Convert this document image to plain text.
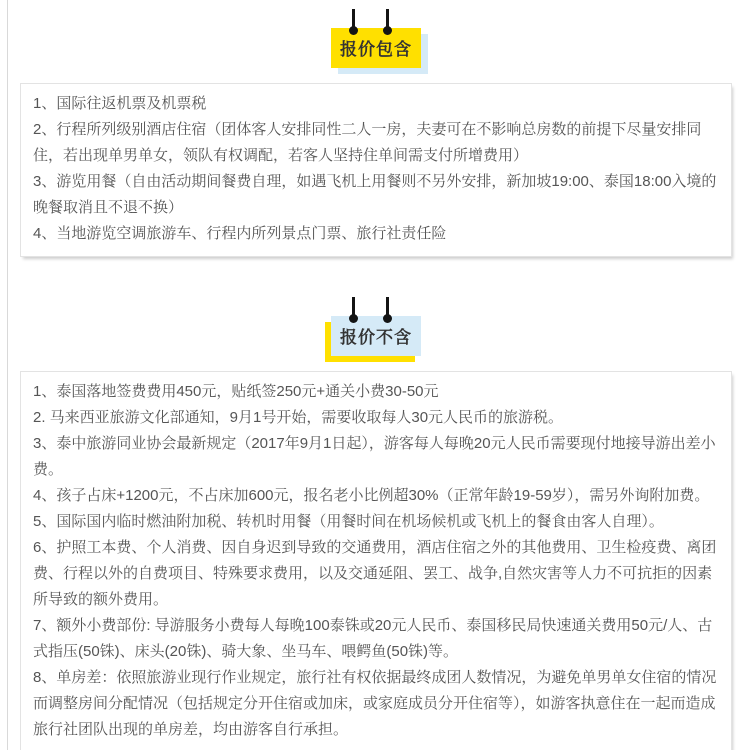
报价包含

1、国际往返机票及机票税

2、行程所列级别酒店住宿（团体客人安排同性二人一房，夫妻可在不影响总房数的前提下尽量安排同住，若出现单男单女，领队有权调配，若客人坚持住单间需支付所增费用）

3、游览用餐（自由活动期间餐费自理，如遇飞机上用餐则不另外安排，新加坡19:00、泰国18:00入境的晚餐取消且不退不换）

4、当地游览空调旅游车、行程内所列景点门票、旅行社责任险

报价不含

1、泰国落地签费费用450元，贴纸签250元+通关小费30-50元

2. 马来西亚旅游文化部通知，9月1号开始，需要收取每人30元人民币的旅游税。

3、泰中旅游同业协会最新规定（2017年9月1日起），游客每人每晚20元人民币需要现付地接导游出差小费。

4、孩子占床+1200元，不占床加600元，报名老小比例超30%（正常年龄19-59岁），需另外询附加费。

5、国际国内临时燃油附加税、转机时用餐（用餐时间在机场候机或飞机上的餐食由客人自理）。

6、护照工本费、个人消费、因自身迟到导致的交通费用，酒店住宿之外的其他费用、卫生检疫费、离团费、行程以外的自费项目、特殊要求费用，以及交通延阻、罢工、战争,自然灾害等人力不可抗拒的因素所导致的额外费用。

7、额外小费部份: 导游服务小费每人每晚100泰铢或20元人民币、泰国移民局快速通关费用50元/人、古式指压(50铢)、床头(20铢)、骑大象、坐马车、喂鳄鱼(50铢)等。

8、单房差：依照旅游业现行作业规定，旅行社有权依据最终成团人数情况，为避免单男单女住宿的情况而调整房间分配情况（包括规定分开住宿或加床，或家庭成员分开住宿等），如游客执意住在一起而造成旅行社团队出现的单房差，均由游客自行承担。
